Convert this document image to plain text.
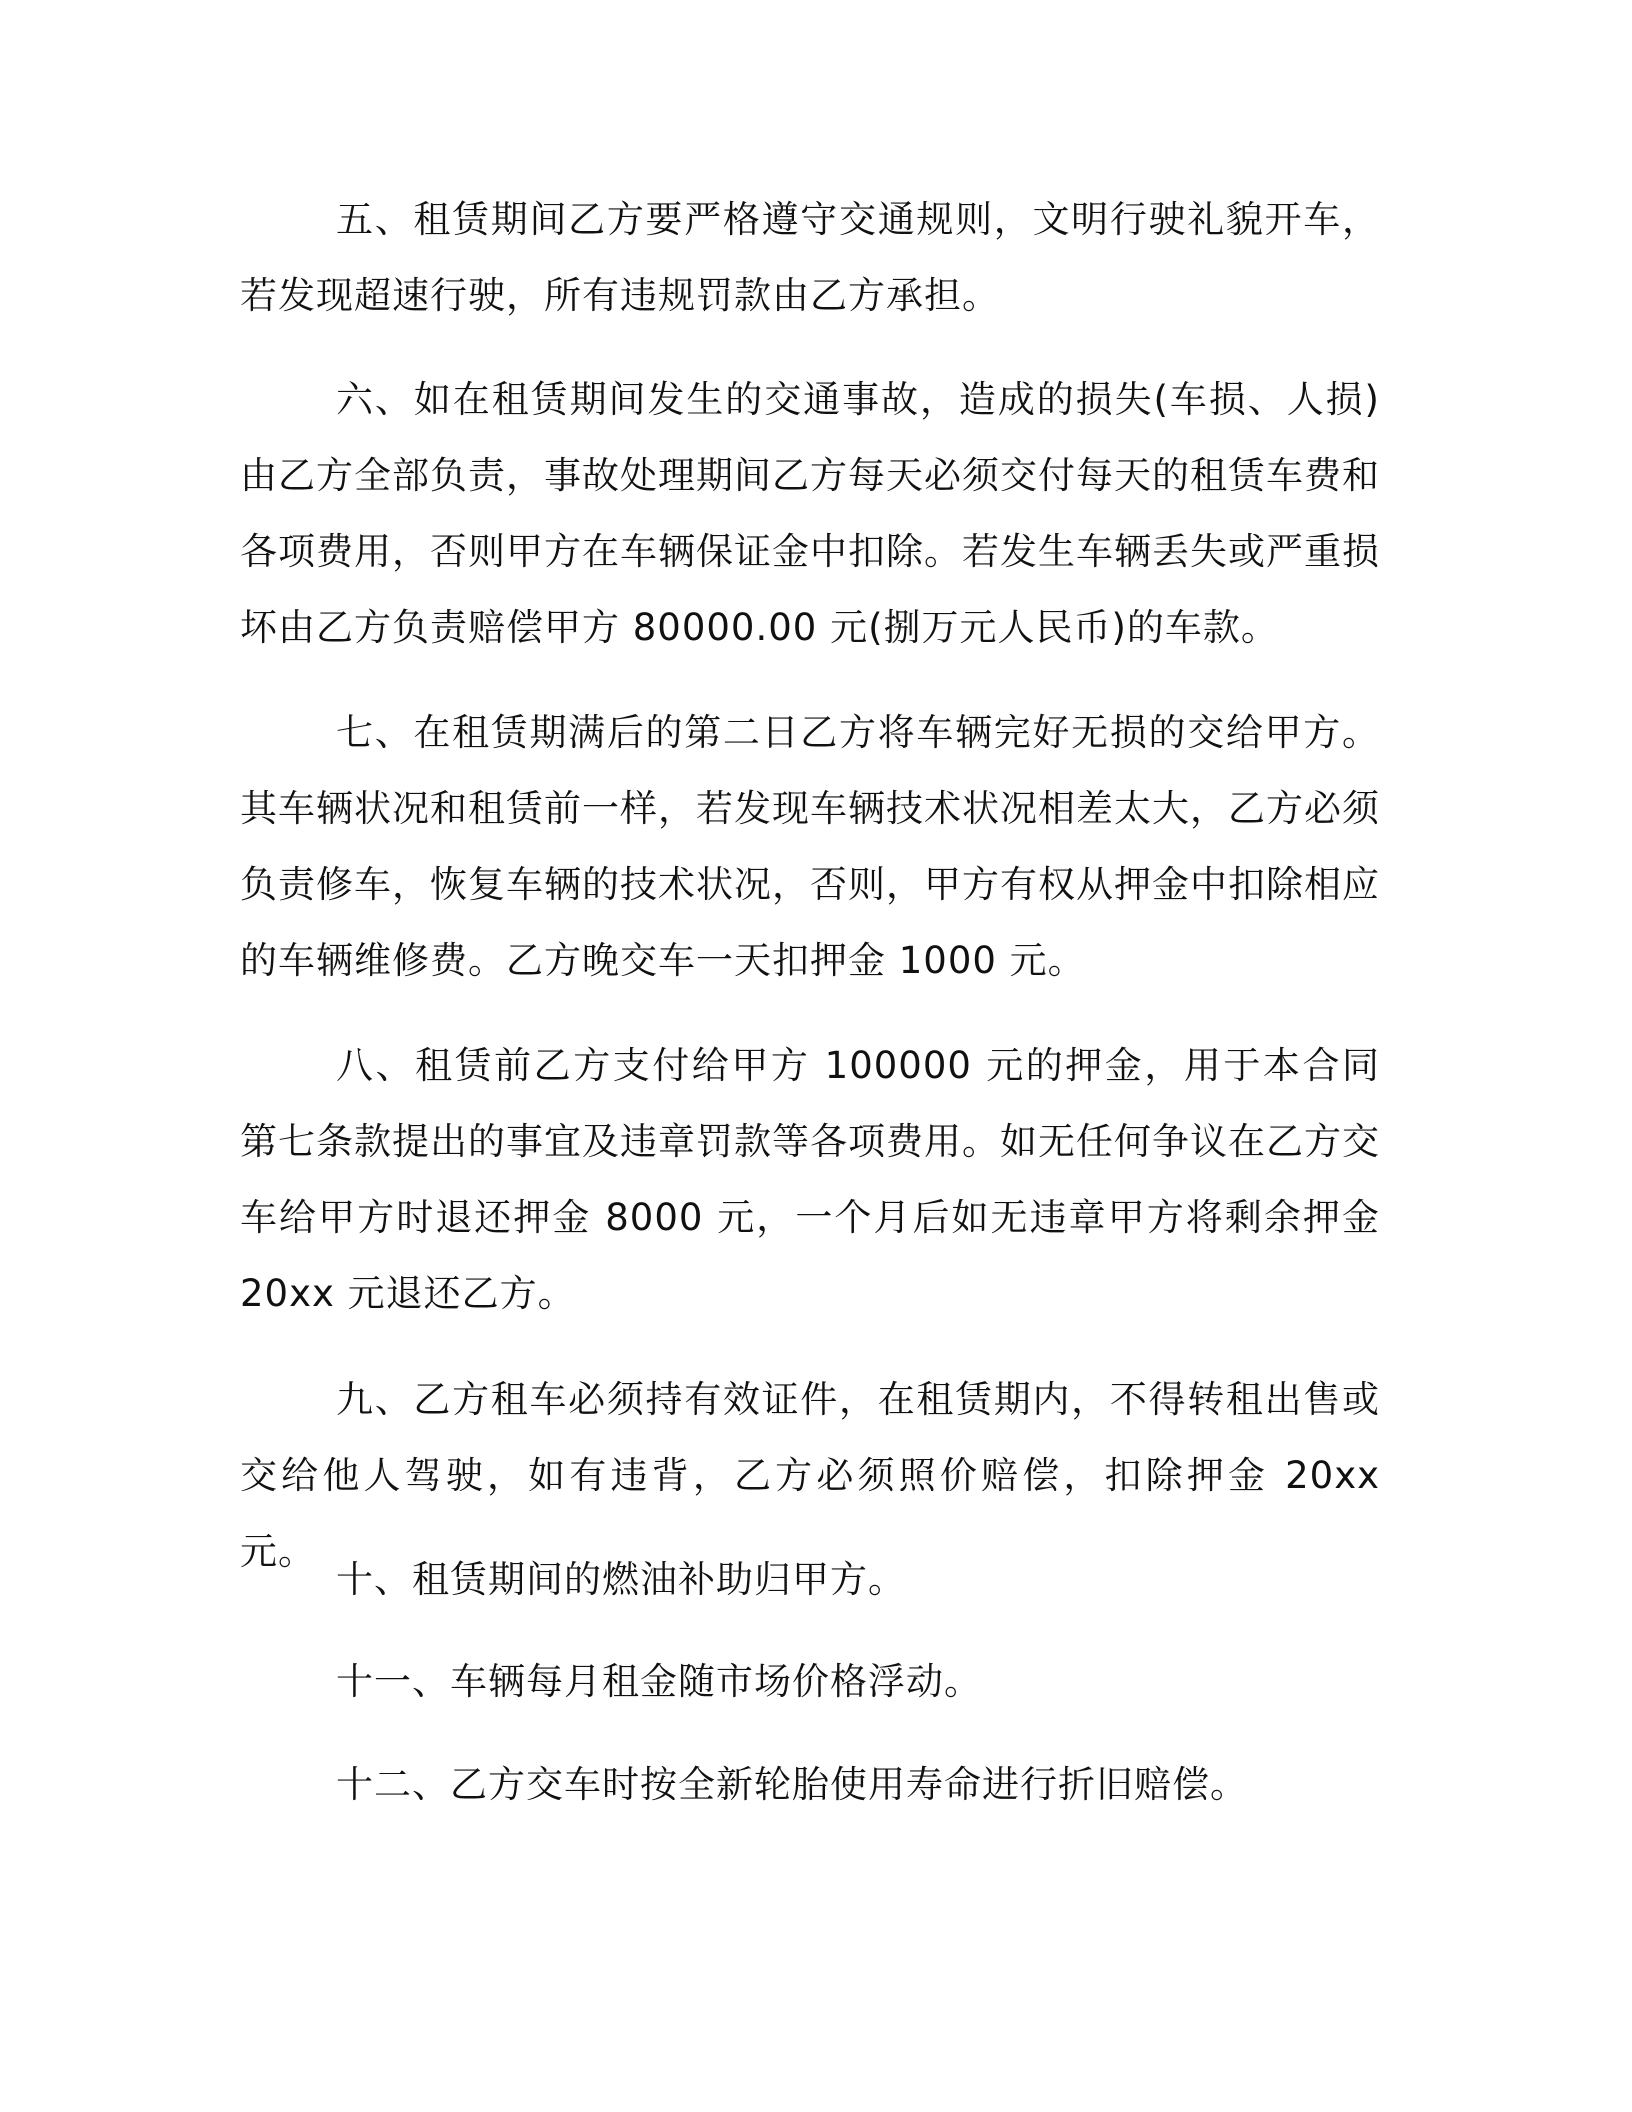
五、租赁期间乙方要严格遵守交通规则，文明行驶礼貌开车，若发现超速行驶，所有违规罚款由乙方承担。

六、如在租赁期间发生的交通事故，造成的损失(车损、人损)由乙方全部负责，事故处理期间乙方每天必须交付每天的租赁车费和各项费用，否则甲方在车辆保证金中扣除。若发生车辆丢失或严重损坏由乙方负责赔偿甲方 80000.00 元(捌万元人民币)的车款。

七、在租赁期满后的第二日乙方将车辆完好无损的交给甲方。其车辆状况和租赁前一样，若发现车辆技术状况相差太大，乙方必须负责修车，恢复车辆的技术状况，否则，甲方有权从押金中扣除相应的车辆维修费。乙方晚交车一天扣押金 1000 元。

八、租赁前乙方支付给甲方 100000 元的押金，用于本合同第七条款提出的事宜及违章罚款等各项费用。如无任何争议在乙方交车给甲方时退还押金 8000 元，一个月后如无违章甲方将剩余押金 20xx 元退还乙方。

九、乙方租车必须持有效证件，在租赁期内，不得转租出售或交给他人驾驶，如有违背，乙方必须照价赔偿，扣除押金 20xx 元。

十、租赁期间的燃油补助归甲方。

十一、车辆每月租金随市场价格浮动。

十二、乙方交车时按全新轮胎使用寿命进行折旧赔偿。
